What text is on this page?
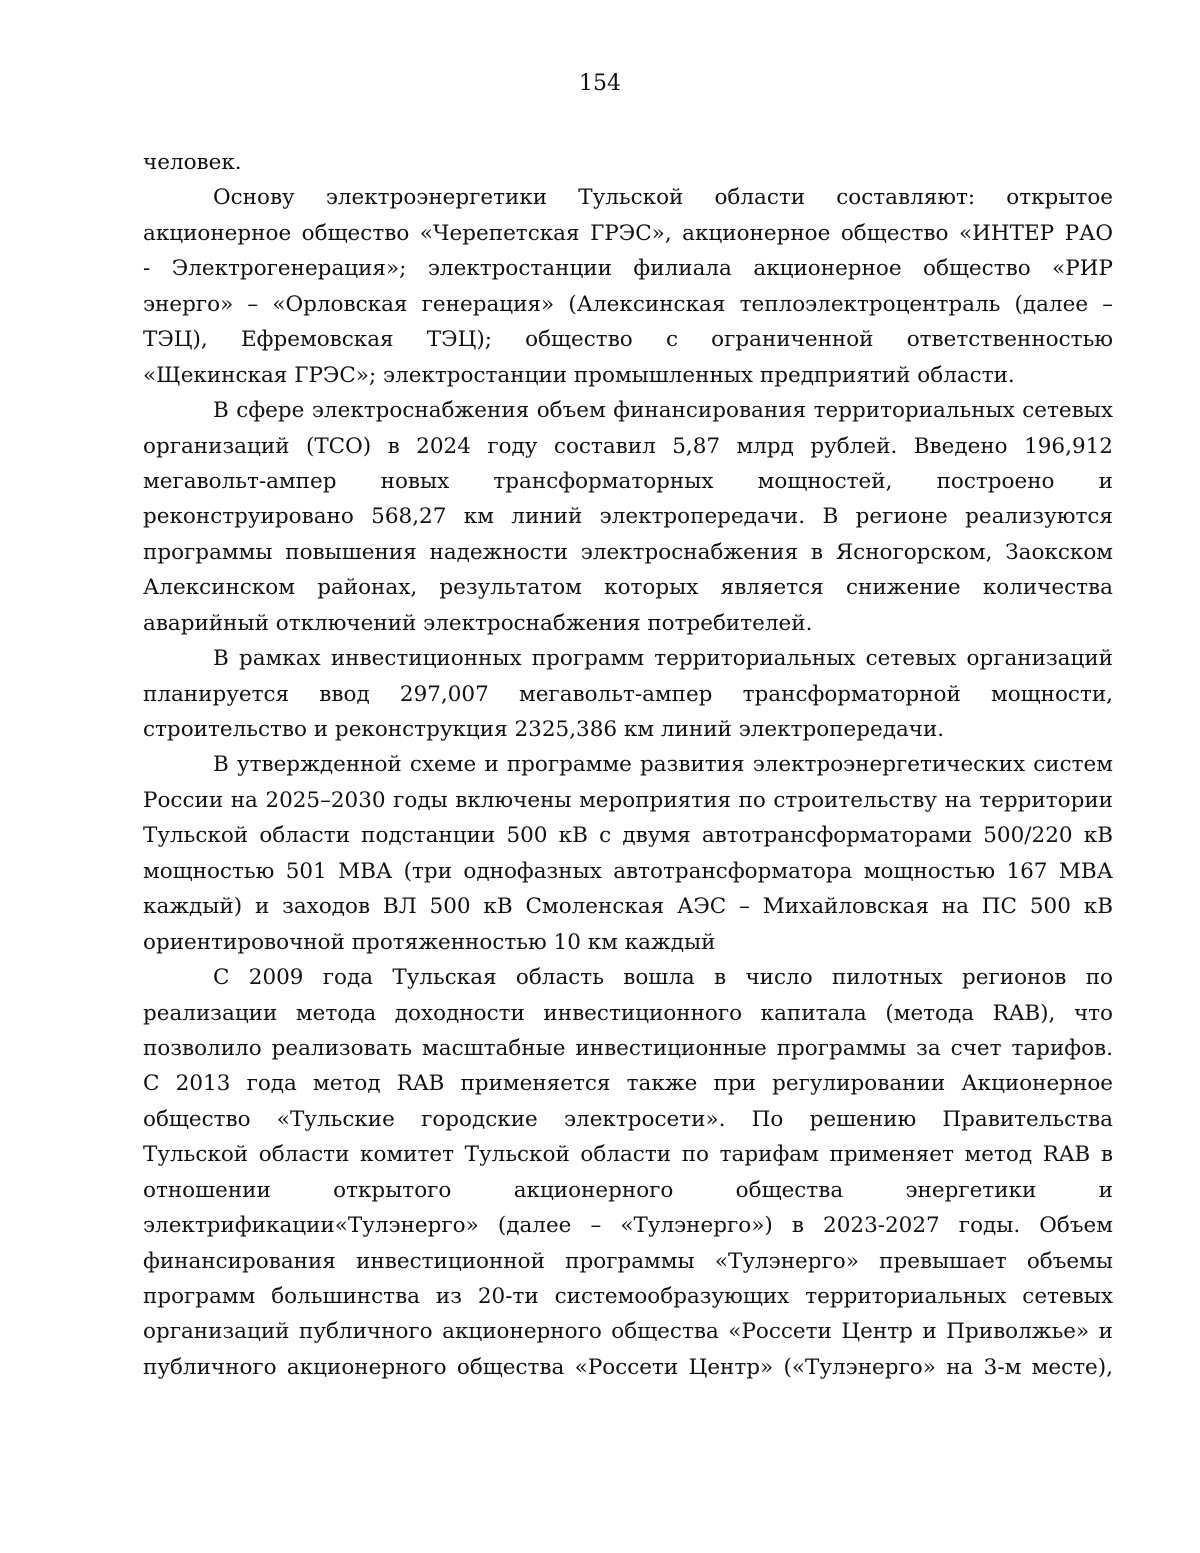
154
человек.
Основу электроэнергетики Тульской области составляют: открытое
акционерное общество «Черепетская ГРЭС», акционерное общество «ИНТЕР РАО
- Электрогенерация»; электростанции филиала акционерное общество «РИР
энерго» – «Орловская генерация» (Алексинская теплоэлектроцентраль (далее –
ТЭЦ), Ефремовская ТЭЦ); общество с ограниченной ответственностью
«Щекинская ГРЭС»; электростанции промышленных предприятий области.
В сфере электроснабжения объем финансирования территориальных сетевых
организаций (ТСО) в 2024 году составил 5,87 млрд рублей. Введено 196,912
мегавольт-ампер новых трансформаторных мощностей, построено и
реконструировано 568,27 км линий электропередачи. В регионе реализуются
программы повышения надежности электроснабжения в Ясногорском, Заокском
Алексинском районах, результатом которых является снижение количества
аварийный отключений электроснабжения потребителей.
В рамках инвестиционных программ территориальных сетевых организаций
планируется ввод 297,007 мегавольт-ампер трансформаторной мощности,
строительство и реконструкция 2325,386 км линий электропередачи.
В утвержденной схеме и программе развития электроэнергетических систем
России на 2025–2030 годы включены мероприятия по строительству на территории
Тульской области подстанции 500 кВ с двумя автотрансформаторами 500/220 кВ
мощностью 501 МВА (три однофазных автотрансформатора мощностью 167 МВА
каждый) и заходов ВЛ 500 кВ Смоленская АЭС – Михайловская на ПС 500 кВ
ориентировочной протяженностью 10 км каждый
С 2009 года Тульская область вошла в число пилотных регионов по
реализации метода доходности инвестиционного капитала (метода RAB), что
позволило реализовать масштабные инвестиционные программы за счет тарифов.
С 2013 года метод RAB применяется также при регулировании Акционерное
общество «Тульские городские электросети». По решению Правительства
Тульской области комитет Тульской области по тарифам применяет метод RAB в
отношении открытого акционерного общества энергетики и
электрификации«Тулэнерго» (далее – «Тулэнерго») в 2023-2027 годы. Объем
финансирования инвестиционной программы «Тулэнерго» превышает объемы
программ большинства из 20-ти системообразующих территориальных сетевых
организаций публичного акционерного общества «Россети Центр и Приволжье» и
публичного акционерного общества «Россети Центр» («Тулэнерго» на 3-м месте),
